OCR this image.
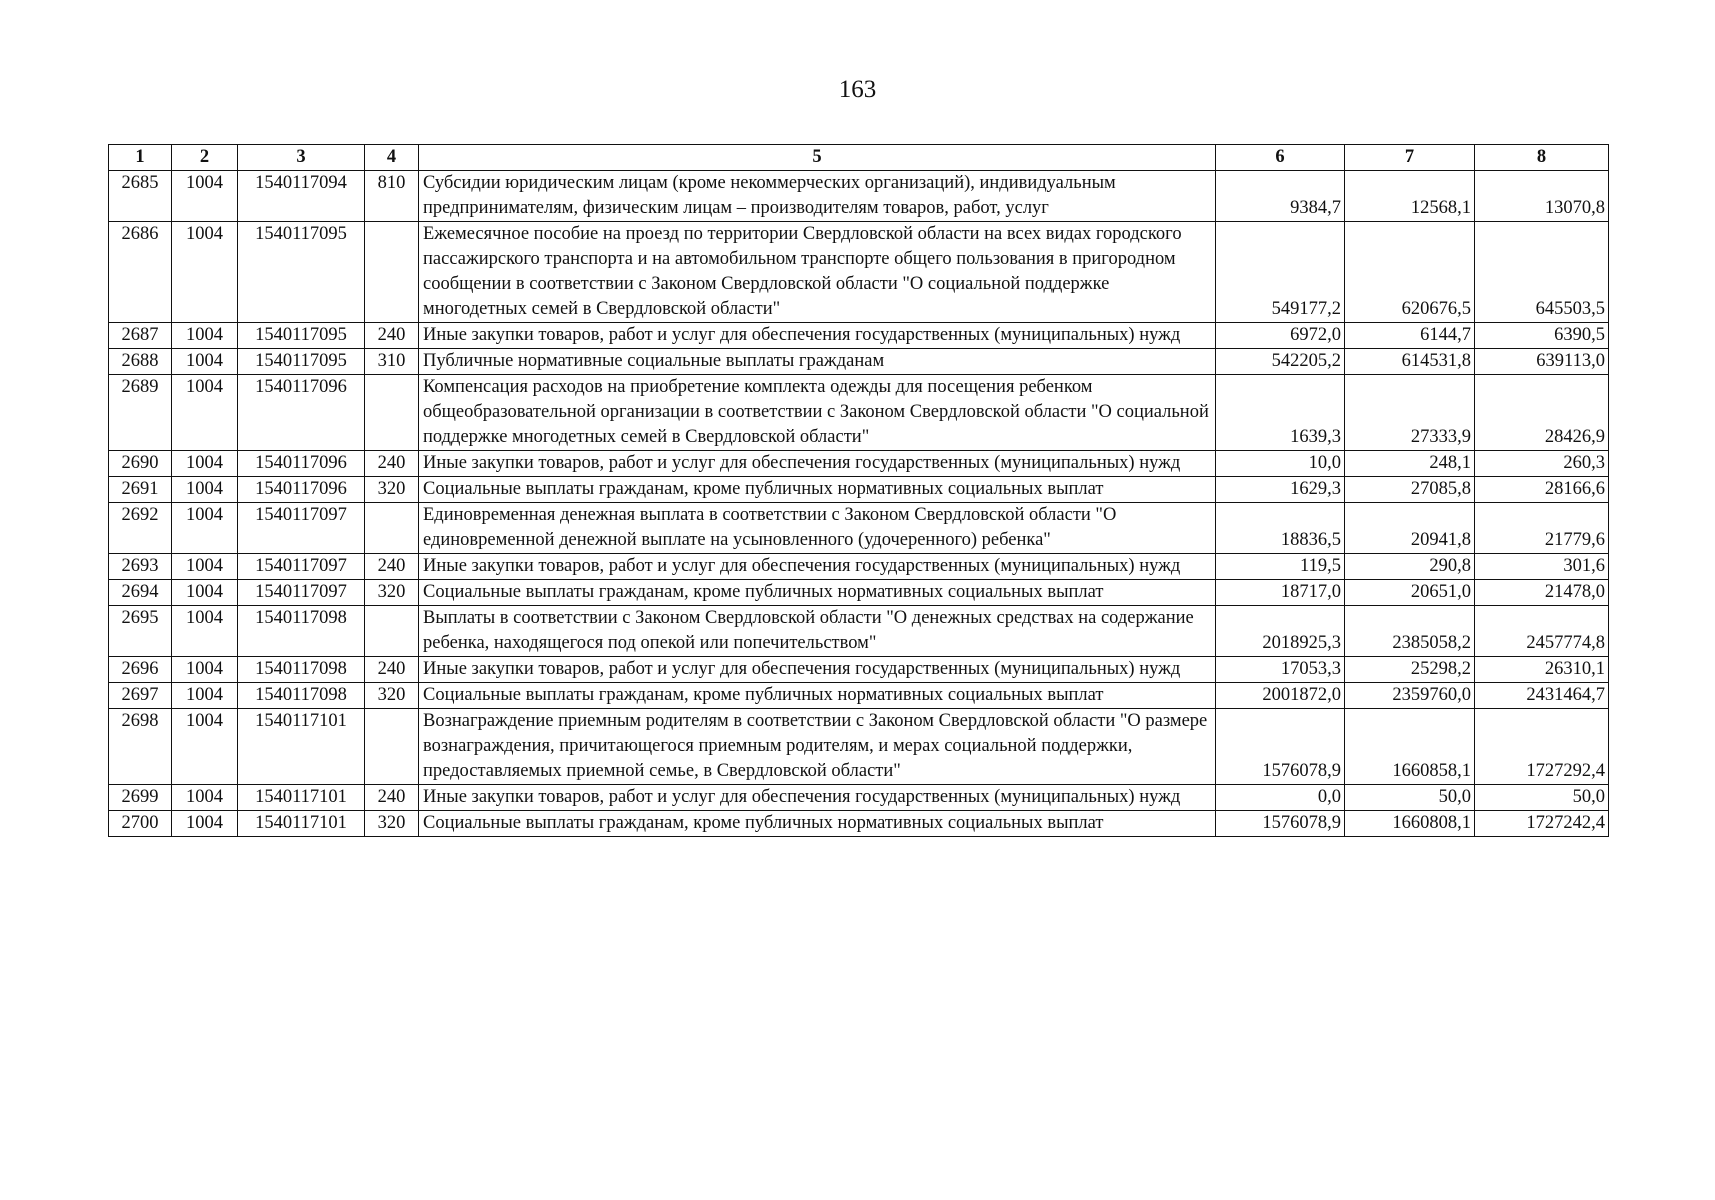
163
1	2	3	4	5	6	7	8
2685	1004	1540117094	810	Субсидии юридическим лицам (кроме некоммерческих организаций), индивидуальным предпринимателям, физическим лицам – производителям товаров, работ, услуг	9384,7	12568,1	13070,8
2686	1004	1540117095		Ежемесячное пособие на проезд по территории Свердловской области на всех видах городского пассажирского транспорта и на автомобильном транспорте общего пользования в пригородном сообщении в соответствии с Законом Свердловской области "О социальной поддержке многодетных семей в Свердловской области"	549177,2	620676,5	645503,5
2687	1004	1540117095	240	Иные закупки товаров, работ и услуг для обеспечения государственных (муниципальных) нужд	6972,0	6144,7	6390,5
2688	1004	1540117095	310	Публичные нормативные социальные выплаты гражданам	542205,2	614531,8	639113,0
2689	1004	1540117096		Компенсация расходов на приобретение комплекта одежды для посещения ребенком общеобразовательной организации в соответствии с Законом Свердловской области "О социальной поддержке многодетных семей в Свердловской области"	1639,3	27333,9	28426,9
2690	1004	1540117096	240	Иные закупки товаров, работ и услуг для обеспечения государственных (муниципальных) нужд	10,0	248,1	260,3
2691	1004	1540117096	320	Социальные выплаты гражданам, кроме публичных нормативных социальных выплат	1629,3	27085,8	28166,6
2692	1004	1540117097		Единовременная денежная выплата в соответствии с Законом Свердловской области "О единовременной денежной выплате на усыновленного (удочеренного) ребенка"	18836,5	20941,8	21779,6
2693	1004	1540117097	240	Иные закупки товаров, работ и услуг для обеспечения государственных (муниципальных) нужд	119,5	290,8	301,6
2694	1004	1540117097	320	Социальные выплаты гражданам, кроме публичных нормативных социальных выплат	18717,0	20651,0	21478,0
2695	1004	1540117098		Выплаты в соответствии с Законом Свердловской области "О денежных средствах на содержание ребенка, находящегося под опекой или попечительством"	2018925,3	2385058,2	2457774,8
2696	1004	1540117098	240	Иные закупки товаров, работ и услуг для обеспечения государственных (муниципальных) нужд	17053,3	25298,2	26310,1
2697	1004	1540117098	320	Социальные выплаты гражданам, кроме публичных нормативных социальных выплат	2001872,0	2359760,0	2431464,7
2698	1004	1540117101		Вознаграждение приемным родителям в соответствии с Законом Свердловской области "О размере вознаграждения, причитающегося приемным родителям, и мерах социальной поддержки, предоставляемых приемной семье, в Свердловской области"	1576078,9	1660858,1	1727292,4
2699	1004	1540117101	240	Иные закупки товаров, работ и услуг для обеспечения государственных (муниципальных) нужд	0,0	50,0	50,0
2700	1004	1540117101	320	Социальные выплаты гражданам, кроме публичных нормативных социальных выплат	1576078,9	1660808,1	1727242,4
